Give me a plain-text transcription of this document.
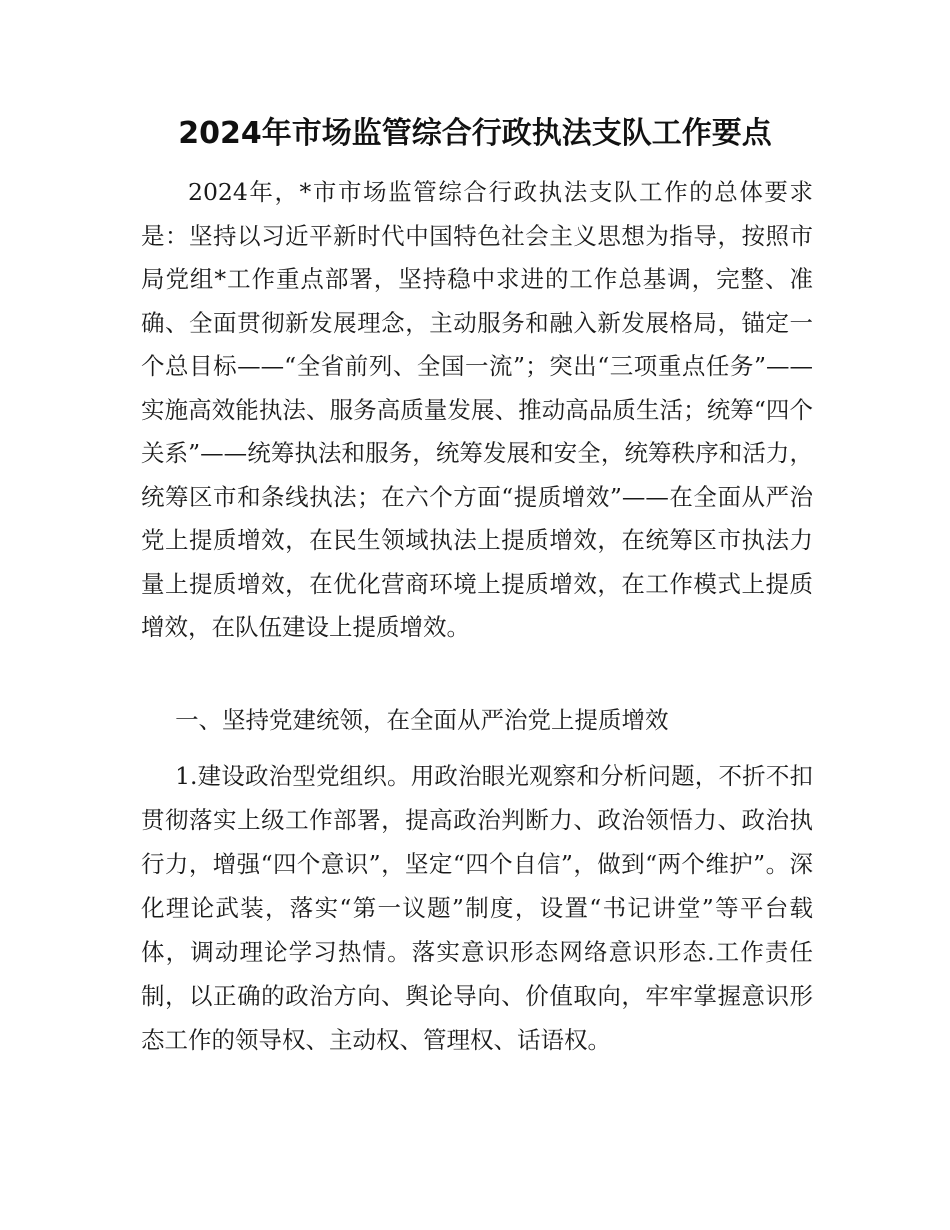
2024年市场监管综合行政执法支队工作要点
2024年，*市市场监管综合行政执法支队工作的总体要求是：坚持以习近平新时代中国特色社会主义思想为指导，按照市局党组*工作重点部署，坚持稳中求进的工作总基调，完整、准确、全面贯彻新发展理念，主动服务和融入新发展格局，锚定一个总目标——“全省前列、全国一流”；突出“三项重点任务”——实施高效能执法、服务高质量发展、推动高品质生活；统筹“四个关系”——统筹执法和服务，统筹发展和安全，统筹秩序和活力，统筹区市和条线执法；在六个方面“提质增效”——在全面从严治党上提质增效，在民生领域执法上提质增效，在统筹区市执法力量上提质增效，在优化营商环境上提质增效，在工作模式上提质增效，在队伍建设上提质增效。
一、坚持党建统领，在全面从严治党上提质增效
1.建设政治型党组织。用政治眼光观察和分析问题，不折不扣贯彻落实上级工作部署，提高政治判断力、政治领悟力、政治执行力，增强“四个意识”，坚定“四个自信”，做到“两个维护”。深化理论武装，落实“第一议题”制度，设置“书记讲堂”等平台载体，调动理论学习热情。落实意识形态网络意识形态.工作责任制，以正确的政治方向、舆论导向、价值取向，牢牢掌握意识形态工作的领导权、主动权、管理权、话语权。
